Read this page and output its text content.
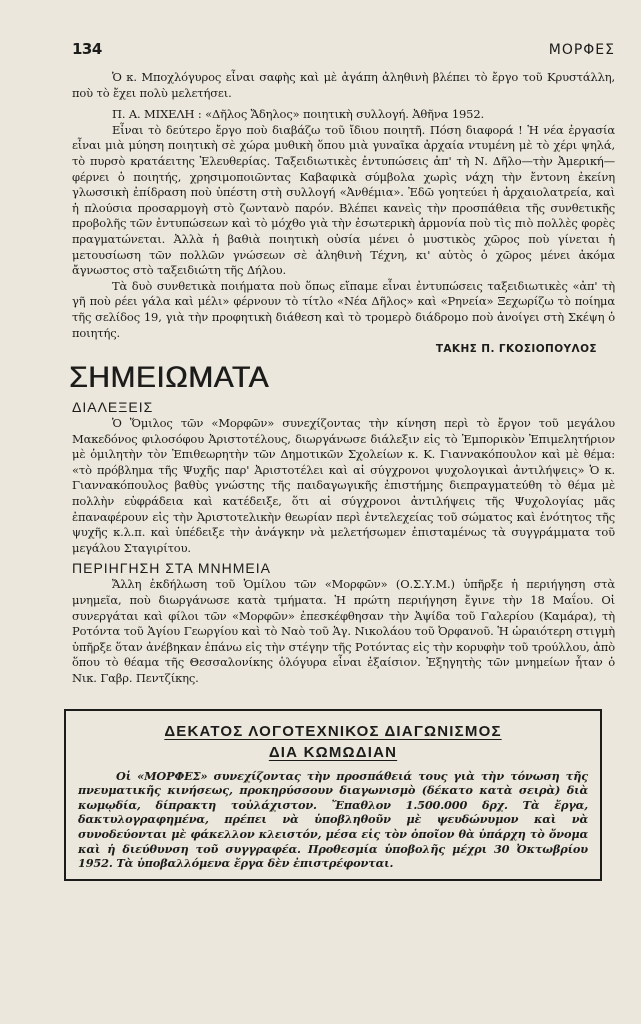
134	ΜΟΡΦΕΣ

Ὁ κ. Μποχλόγυρος εἶναι σαφὴς καὶ μὲ ἀγάπη ἀληθινὴ βλέπει τὸ ἔργο τοῦ Κρυστάλλη, ποὺ τὸ ἔχει πολὺ μελετήσει.

Π. Α. ΜΙΧΕΛΗ : «Δῆλος Ἄδηλος» ποιητικὴ συλλογή. Ἀθῆνα 1952.

Εἶναι τὸ δεύτερο ἔργο ποὺ διαβάζω τοῦ ἴδιου ποιητῆ. Πόση διαφορά ! Ἡ νέα ἐργασία εἶναι μιὰ μύηση ποιητικὴ σὲ χώρα μυθικὴ ὅπου μιὰ γυναῖκα ἀρχαία ντυμένη μὲ τὸ χέρι ψηλά, τὸ πυρσὸ κρατάειτης Ἐλευθερίας. Ταξειδιωτικὲς ἐντυπώσεις ἀπ' τὴ Ν. Δῆλο—τὴν Ἀμερική—φέρνει ὁ ποιητής, χρησιμοποιῶντας Καβαφικὰ σύμβολα χωρὶς νάχη τὴν ἔντονη ἐκείνη γλωσσικὴ ἐπίδραση ποὺ ὑπέστη στὴ συλλογή «Ἀνθέμια». Ἐδῶ γοητεύει ἡ ἀρχαιολατρεία, καὶ ἡ πλούσια προσαρμογὴ στὸ ζωντανὸ παρόν. Βλέπει κανεὶς τὴν προσπάθεια τῆς συνθετικῆς προβολῆς τῶν ἐντυπώσεων καὶ τὸ μόχθο γιὰ τὴν ἐσωτερικὴ ἁρμονία ποὺ τὶς πιὸ πολλὲς φορὲς πραγματώνεται. Ἀλλὰ ἡ βαθιὰ ποιητικὴ οὐσία μένει ὁ μυστικὸς χῶρος ποὺ γίνεται ἡ μετουσίωση τῶν πολλῶν γνώσεων σὲ ἀληθινὴ Τέχνη, κι' αὐτὸς ὁ χῶρος μένει ἀκόμα ἄγνωστος στὸ ταξειδιώτη τῆς Δήλου.

Τὰ δυὸ συνθετικὰ ποιήματα ποὺ ὅπως εἴπαμε εἶναι ἐντυπώσεις ταξειδιωτικὲς «ἀπ' τὴ γῆ ποὺ ρέει γάλα καὶ μέλι» φέρνουν τὸ τίτλο «Νέα Δῆλος» καὶ «Ρηνεία» Ξεχωρίζω τὸ ποίημα τῆς σελίδος 19, γιὰ τὴν προφητικὴ διάθεση καὶ τὸ τρομερὸ διάδρομο ποὺ ἀνοίγει στὴ Σκέψη ὁ ποιητής.

ΤΑΚΗΣ Π. ΓΚΟΣΙΟΠΟΥΛΟΣ
ΣΗΜΕΙΩΜΑΤΑ
ΔΙΑΛΕΞΕΙΣ

Ὁ Ὅμιλος τῶν «Μορφῶν» συνεχίζοντας τὴν κίνηση περὶ τὸ ἔργον τοῦ μεγάλου Μακεδόνος φιλοσόφου Ἀριστοτέλους, διωργάνωσε διάλεξιν εἰς τὸ Ἐμπορικὸν Ἐπιμελητήριον μὲ ὁμιλητὴν τὸν Ἐπιθεωρητὴν τῶν Δημοτικῶν Σχολείων κ. Κ. Γιαννακόπουλον καὶ μὲ θέμα: «τὸ πρόβλημα τῆς Ψυχῆς παρ' Ἀριστοτέλει καὶ αἱ σύγχρονοι ψυχολογικαὶ ἀντιλήψεις» Ὁ κ. Γιαννακόπουλος βαθὺς γνώστης τῆς παιδαγωγικῆς ἐπιστήμης διεπραγματεύθη τὸ θέμα μὲ πολλὴν εὐφράδεια καὶ κατέδειξε, ὅτι αἱ σύγχρονοι ἀντιλήψεις τῆς Ψυχολογίας μᾶς ἐπαναφέρουν εἰς τὴν Ἀριστοτελικὴν θεωρίαν περὶ ἐντελεχείας τοῦ σώματος καὶ ἑνότητος τῆς ψυχῆς κ.λ.π. καὶ ὑπέδειξε τὴν ἀνάγκην νὰ μελετήσωμεν ἐπισταμένως τὰ συγγράμματα τοῦ μεγάλου Σταγιρίτου.

ΠΕΡΙΗΓΗΣΗ ΣΤΑ ΜΝΗΜΕΙΑ

Ἄλλη ἐκδήλωση τοῦ Ὁμίλου τῶν «Μορφῶν» (Ο.Σ.Υ.Μ.) ὑπῆρξε ἡ περιήγηση στὰ μνημεῖα, ποὺ διωργάνωσε κατὰ τμήματα. Ἡ πρώτη περιήγηση ἔγινε τὴν 18 Μαΐου. Οἱ συνεργάται καὶ φίλοι τῶν «Μορφῶν» ἐπεσκέφθησαν τὴν Ἀψίδα τοῦ Γαλερίου (Καμάρα), τὴ Ροτόντα τοῦ Ἁγίου Γεωργίου καὶ τὸ Ναὸ τοῦ Ἁγ. Νικολάου τοῦ Ὀρφανοῦ. Ἡ ὡραιότερη στιγμὴ ὑπῆρξε ὅταν ἀνέβηκαν ἐπάνω εἰς τὴν στέγην τῆς Ροτόντας εἰς τὴν κορυφὴν τοῦ τρούλλου, ἀπὸ ὅπου τὸ θέαμα τῆς Θεσσαλονίκης ὁλόγυρα εἶναι ἐξαίσιον. Ἐξηγητὴς τῶν μνημείων ἦταν ὁ Νικ. Γαβρ. Πεντζίκης.

ΔΕΚΑΤΟΣ ΛΟΓΟΤΕΧΝΙΚΟΣ ΔΙΑΓΩΝΙΣΜΟΣ
ΔΙΑ ΚΩΜΩΔΙΑΝ

Οἱ «ΜΟΡΦΕΣ» συνεχίζοντας τὴν προσπάθειά τους γιὰ τὴν τόνωση τῆς πνευματικῆς κινήσεως, προκηρύσσουν διαγωνισμὸ (δέκατο κατὰ σειρὰ) διὰ κωμῳδία, δίπρακτη τοὐλάχιστον. Ἔπαθλον 1.500.000 δρχ. Τὰ ἔργα, δακτυλογραφημένα, πρέπει νὰ ὑποβληθοῦν μὲ ψευδώνυμον καὶ νὰ συνοδεύονται μὲ φάκελλον κλειστόν, μέσα εἰς τὸν ὁποῖον θὰ ὑπάρχη τὸ ὄνομα καὶ ἡ διεύθυνση τοῦ συγγραφέα. Προθεσμία ὑποβολῆς μέχρι 30 Ὀκτωβρίου 1952. Τὰ ὑποβαλλόμενα ἔργα δὲν ἐπιστρέφονται.
